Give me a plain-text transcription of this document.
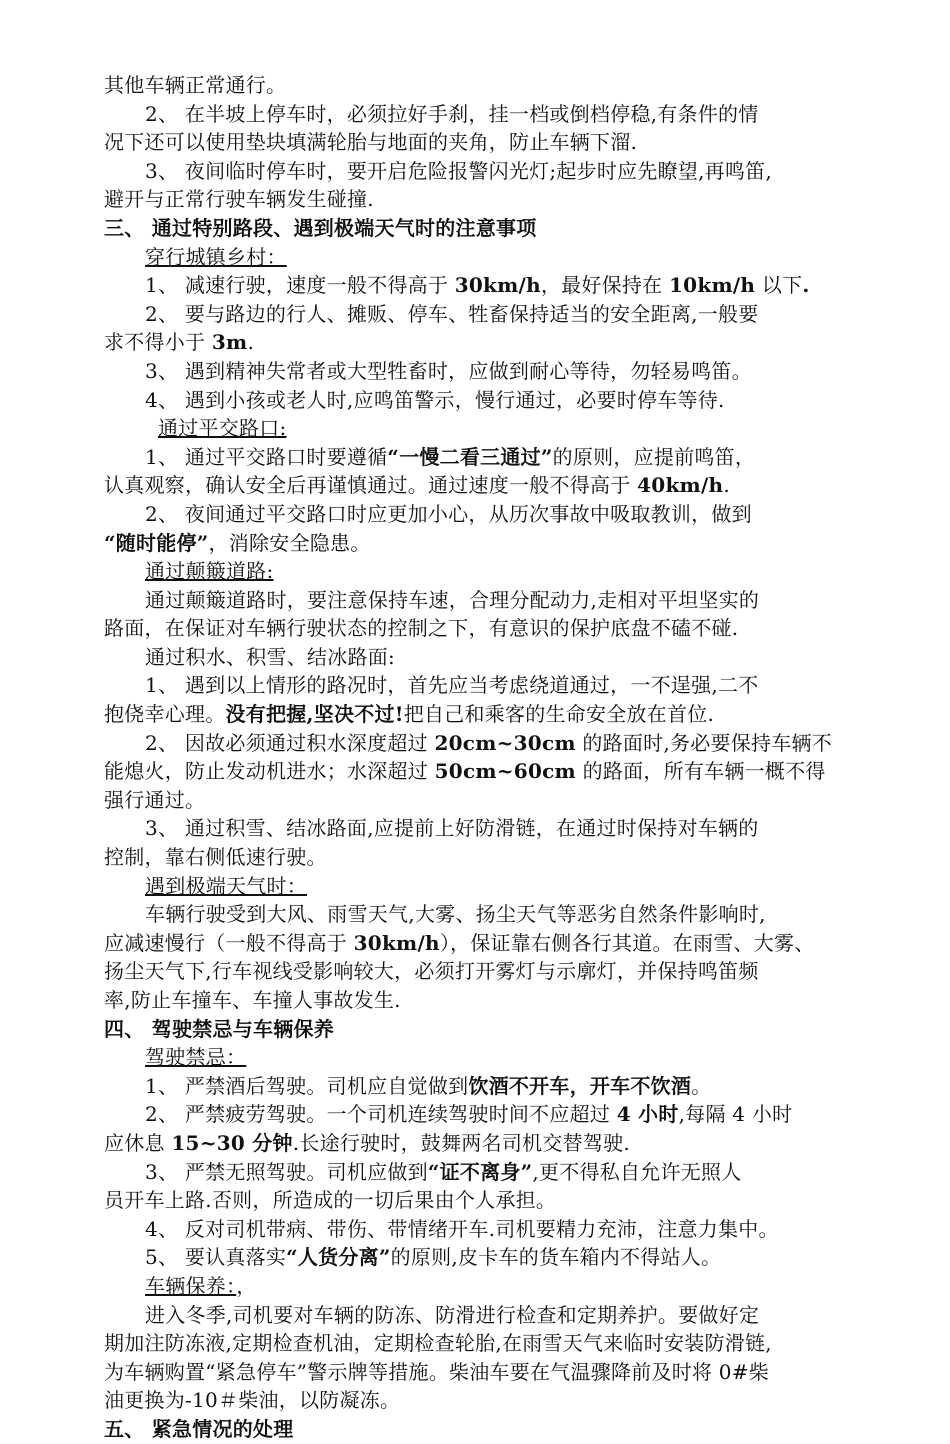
其他车辆正常通行。
2、 在半坡上停车时，必须拉好手刹，挂一档或倒档停稳,有条件的情
况下还可以使用垫块填满轮胎与地面的夹角，防止车辆下溜.
3、 夜间临时停车时，要开启危险报警闪光灯;起步时应先瞭望,再鸣笛,
避开与正常行驶车辆发生碰撞.
三、 通过特别路段、遇到极端天气时的注意事项
穿行城镇乡村：
1、 减速行驶，速度一般不得高于 30km/h，最好保持在 10km/h 以下.
2、 要与路边的行人、摊贩、停车、牲畜保持适当的安全距离,一般要
求不得小于 3m.
3、 遇到精神失常者或大型牲畜时，应做到耐心等待，勿轻易鸣笛。
4、 遇到小孩或老人时,应鸣笛警示，慢行通过，必要时停车等待.
通过平交路口:
1、 通过平交路口时要遵循“一慢二看三通过”的原则，应提前鸣笛，
认真观察，确认安全后再谨慎通过。通过速度一般不得高于 40km/h.
2、 夜间通过平交路口时应更加小心，从历次事故中吸取教训，做到
“随时能停”，消除安全隐患。
通过颠簸道路:
通过颠簸道路时，要注意保持车速，合理分配动力,走相对平坦坚实的
路面，在保证对车辆行驶状态的控制之下，有意识的保护底盘不磕不碰.
通过积水、积雪、结冰路面:
1、 遇到以上情形的路况时，首先应当考虑绕道通过，一不逞强,二不
抱侥幸心理。没有把握,坚决不过!把自己和乘客的生命安全放在首位.
2、 因故必须通过积水深度超过 20cm~30cm 的路面时,务必要保持车辆不
能熄火，防止发动机进水；水深超过 50cm~60cm 的路面，所有车辆一概不得
强行通过。
3、 通过积雪、结冰路面,应提前上好防滑链，在通过时保持对车辆的
控制，靠右侧低速行驶。
遇到极端天气时：
车辆行驶受到大风、雨雪天气,大雾、扬尘天气等恶劣自然条件影响时,
应减速慢行（一般不得高于 30km/h），保证靠右侧各行其道。在雨雪、大雾、
扬尘天气下,行车视线受影响较大，必须打开雾灯与示廓灯，并保持鸣笛频
率,防止车撞车、车撞人事故发生.
四、 驾驶禁忌与车辆保养
驾驶禁忌：
1、 严禁酒后驾驶。司机应自觉做到饮酒不开车，开车不饮酒。
2、 严禁疲劳驾驶。一个司机连续驾驶时间不应超过 4 小时,每隔 4 小时
应休息 15~30 分钟.长途行驶时，鼓舞两名司机交替驾驶.
3、 严禁无照驾驶。司机应做到“证不离身”,更不得私自允许无照人
员开车上路.否则，所造成的一切后果由个人承担。
4、 反对司机带病、带伤、带情绪开车.司机要精力充沛，注意力集中。
5、 要认真落实“人货分离”的原则,皮卡车的货车箱内不得站人。
车辆保养：，
进入冬季,司机要对车辆的防冻、防滑进行检查和定期养护。要做好定
期加注防冻液,定期检查机油，定期检查轮胎,在雨雪天气来临时安装防滑链,
为车辆购置“紧急停车”警示牌等措施。柴油车要在气温骤降前及时将 0#柴
油更换为-10＃柴油，以防凝冻。
五、 紧急情况的处理
